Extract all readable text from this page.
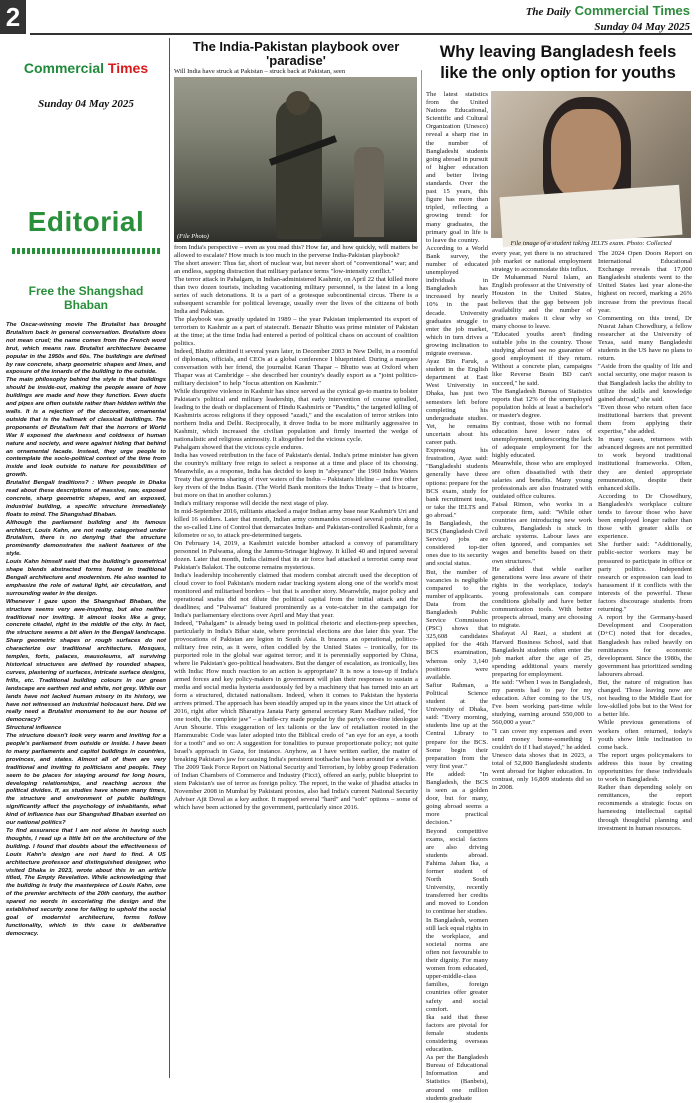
2	The Daily Commercial Times
Sunday 04 May 2025
Commercial Times
Sunday 04 May 2025
Editorial
Free the Shangshad Bhaban

The Oscar-winning movie The Brutalist has brought Brutalism back in general conversation. Brutalism does not mean cruel; the name comes from the French word brut, which means raw. Brutalist architecture became popular in the 1950s and 60s. The buildings are defined by raw concrete, sharp geometric shapes and lines, and exposure of the innards of the building to the outside.

The main philosophy behind the style is that buildings should be inside-out, making the people aware of how buildings are made and how they function. Even ducts and pipes are often outside rather than hidden within the walls. It is a rejection of the decorative, ornamental outside that is the hallmark of classical buildings. The proponents of Brutalism felt that the horrors of World War II exposed the darkness and coldness of human nature and society, and were against hiding that behind an ornamental facade. Instead, they urge people to contemplate the socio-political context of the time from inside and look outside to nature for possibilities of growth.

Brutalist Bengali traditions? : When people in Dhaka read about these descriptions of massive, raw, exposed concrete, sharp geometric shapes, and an exposed, industrial building, a specific structure immediately floats to mind. The Shangshad Bhaban.

Although the parliament building and its famous architect, Louis Kahn, are not really categorised under Brutalism, there is no denying that the structure prominently demonstrates the salient features of the style.

Louis Kahn himself said that the building's geometrical shape blends abstracted forms found in traditional Bengali architecture and modernism. He also wanted to emphasize the role of natural light, air circulation, and surrounding water in the design.

Whenever I gaze upon the Shangshad Bhaban, the structure seems very awe-inspiring, but also neither traditional nor inviting. It almost looks like a grey, concrete citadel, right in the middle of the city. In fact, the structure seems a bit alien in the Bengali landscape. Sharp geometric shapes or rough surfaces do not characterize our traditional architecture. Mosques, temples, forts, palaces, mausoleums, all surviving historical structures are defined by rounded shapes, curves, plastering of surfaces, intricate surface designs, frills, etc. Traditional building colours in our green landscape are earthen red and white, not grey. While our lands have not lacked human misery in its history, we have not witnessed an industrial holocaust here. Did we really need a Brutalist monument to be our house of democracy?

Structural influence

The structure doesn't look very warm and inviting for a people's parliament from outside or inside. I have been to many parliaments and capitol buildings in countries, provinces, and states. Almost all of them are very traditional and inviting to politicians and people. They seem to be places for staying around for long hours, developing relationships, and reaching across the political divides. If, as studies have shown many times, the structure and environment of public buildings significantly affect the psychology of inhabitants, what kind of influence has our Shangshad Bhaban exerted on our national politics?

To find assurance that I am not alone in having such thoughts, I read up a little bit on the architecture of the building. I found that doubts about the effectiveness of Louis Kahn's design are not hard to find. A US architecture professor and distinguished designer, who visited Dhaka in 2023, wrote about this in an article titled, The Empty Revelation. While acknowledging that the building is truly the masterpiece of Louis Kahn, one of the premier architects of the 20th century, the author spared no words in excoriating the design and the established security zone for failing to uphold the social goal of modernist architecture, forms follow functionality, which in this case is deliberative democracy.

The India-Pakistan playbook over 'paradise'
Will India have struck at Pakistan – struck back at Pakistan, seen
(File Photo)

from India's perspective – even as you read this? How far, and how quickly, will matters be allowed to escalate? How much is too much in the perverse India-Pakistan playbook?

The short answer: Thus far, short of nuclear war, but never short of "conventional" war; and an endless, sapping distraction that military parlance terms "low-intensity conflict."

The terror attack in Pahalgam, in Indian-administered Kashmir, on April 22 that killed more than two dozen tourists, including vacationing military personnel, is the latest in a long series of such detonations. It is a part of a grotesque subcontinental circus. There is a subsequent scramble for political leverage, usually over the lives of the citizens of both India and Pakistan.

The playbook was greatly updated in 1989 – the year Pakistan implemented its export of terrorism to Kashmir as a part of statecraft. Benazir Bhutto was prime minister of Pakistan at the time; at the time India had entered a period of political chaos on account of coalition politics.

Indeed, Bhutto admitted it several years later, in December 2003 in New Delhi, in a roomful of diplomats, officials, and CEOs at a global conference I blueprinted. During a marquee conversation with her friend, the journalist Karan Thapar – Bhutto was at Oxford when Thapar was at Cambridge – she described her country's deadly export as a "joint politico-military decision" to help "focus attention on Kashmir."

While disruptive violence in Kashmir has since served as the cynical go-to mantra to bolster Pakistan's political and military leadership, that early intervention of course spiralled, leading to the death or displacement of Hindu Kashmiris or "Pandits," the targeted killing of Kashmiris across religions if they opposed "azadi," and the escalation of terror strikes into northern India and Delhi. Reciprocally, it drove India to be more militarily aggressive in Kashmir, which increased the civilian population and firmly inserted the wedge of nationalistic and religious animosity. It altogether fed the vicious cycle.

Pahalgam showed that the vicious cycle endures.

India has vowed retribution in the face of Pakistan's denial. India's prime minister has given the country's military free reign to select a response at a time and place of its choosing. Meanwhile, as a response, India has decided to keep in "abeyance" the 1960 Indus Waters Treaty that governs sharing of river waters of the Indus – Pakistan's lifeline – and five other key rivers of the Indus Basin. (The World Bank monitors the Indus Treaty – that is bizarre, but more on that in another column.)

India's military response will decide the next stage of play.

In mid-September 2016, militants attacked a major Indian army base near Kashmir's Uri and killed 16 soldiers. Later that month, Indian army commandos crossed several points along the so-called Line of Control that demarcates Indian- and Pakistan-controlled Kashmir, for a kilometre or so, to attack pre-determined targets.

On February 14, 2019, a Kashmiri suicide bomber attacked a convoy of paramilitary personnel in Pulwama, along the Jammu-Srinagar highway. It killed 40 and injured several dozen. Later that month, India claimed that its air force had attacked a terrorist camp near Pakistan's Balakot. The outcome remains mysterious.

India's leadership incoherently claimed that modern combat aircraft used the deception of cloud cover to fool Pakistan's modern radar tracking system along one of the world's most monitored and militarised borders – but that is another story. Meanwhile, major policy and operational snafus did not dilute the political capital from the initial attack and the deadlines; and "Pulwama" featured prominently as a vote-catcher in the campaign for India's parliamentary elections over April and May that year.

Indeed, "Pahalgam" is already being used in political rhetoric and election-prep speeches, particularly in India's Bihar state, where provincial elections are due later this year. The provocations of Pakistan are legion in South Asia. It brazens an operational, politico-military free rein, as it were, often coddled by the United States – ironically, for its purported role in the global war against terror; and it is perennially supported by China, where lie Pakistan's geo-political headwaters. But the danger of escalation, as ironically, lies with India: How much reaction to an action is appropriate? It is now a toss-up if India's armed forces and key policy-makers in government will plan their responses to sustain a media and social media hysteria assiduously fed by a machinery that has turned into an art form a structured, dictated nationalism. Indeed, when it comes to Pakistan the hysteria arrives primed. The approach has been steadily amped up in the years since the Uri attack of 2016, right after which Bharatiya Janata Party general secretary Ram Madhav railed, "for one tooth, the complete jaw" – a battle-cry made popular by the party's one-time ideologue Arun Shourie. This exaggeration of lex talionis or the law of retaliation rooted in the Hammurabic Code was later adopted into the Biblical credo of "an eye for an eye, a tooth for a tooth" and so on: A suggestion for tonalities to pursue proportionate policy; not quite Israel's approach in Gaza, for instance. Anyhow, as I have written earlier, the matter of breaking Pakistan's jaw for causing India's persistent toothache has been around for a while.

The 2009 Task Force Report on National Security and Terrorism, by lobby group Federation of Indian Chambers of Commerce and Industry (Ficci), offered an early, public blueprint to stem Pakistan's use of terror as foreign policy. The report, in the wake of jihadist attacks in November 2008 in Mumbai by Pakistani proxies, also had India's current National Security Adviser Ajit Doval as a key author. It mapped several "hard" and "soft" options – some of which have been actioned by the government, particularly since 2016.

Why leaving Bangladesh feels like the only option for youths

The latest statistics from the United Nations Educational, Scientific and Cultural Organization (Unesco) reveal a sharp rise in the number of Bangladeshi students going abroad in pursuit of higher education and better living standards. Over the past 15 years, this figure has more than tripled, reflecting a growing trend: for many graduates, the primary goal in life is to leave the country.

According to a World Bank survey, the number of educated unemployed individuals in Bangladesh has increased by nearly 10% in the past decade. University graduates struggle to enter the job market, which in turn drives a growing inclination to migrate overseas.

Ayaz Bin Faruk, a student in the English department at East West University in Dhaka, has just two semesters left before completing his undergraduate studies. Yet, he remains uncertain about his career path.

Expressing his frustration, Ayaz said: "Bangladeshi students generally have three options: prepare for the BCS exam, study for bank recruitment tests, or take the IELTS and go abroad."

In Bangladesh, the BCS (Bangladesh Civil Service) jobs are considered top-tier ones due to its security and social status.

But, the number of vacancies is negligible compared to the number of applicants.

Data from the Bangladesh Public Service Commission (PSC) shows that 325,608 candidates applied for the 46th BCS examination, whereas only 3,140 positions were available.

Safiur Rahman, a Political Science student at the University of Dhaka, said: "Every morning, students line up at the Central Library to prepare for the BCS. Some begin their preparation from the very first year."

He added: "In Bangladesh, the BCS is seen as a golden door, but for many, going abroad seems a more practical decision."

Beyond competitive exams, social factors are also driving students abroad. Fahima Jahan Ika, a former student of North South University, recently transferred her credits and moved to London to continue her studies.

In Bangladesh, women still lack equal rights in the workplace, and societal norms are often not favourable to their dignity. For many women from educated, upper-middle-class families, foreign countries offer greater safety and social comfort.

Ika said that these factors are pivotal for female students considering overseas education.

As per the Bangladesh Bureau of Educational Information and Statistics (Banbeis), around one million students graduate

File image of a student taking IELTS exam. Photo: Collected

every year, yet there is no structured job market or national employment strategy to accommodate this influx.

Dr Muhammad Nurul Islam, an English professor at the University of Houston in the United States, believes that the gap between job availability and the number of graduates makes it clear why so many choose to leave.

"Educated youths aren't finding suitable jobs in the country. Those studying abroad see no guarantee of good employment if they return. Without a concrete plan, campaigns like Reverse Brain BD can't succeed," he said.

The Bangladesh Bureau of Statistics reports that 12% of the unemployed population holds at least a bachelor's or master's degree.

By contrast, those with no formal education have lower rates of unemployment, underscoring the lack of adequate employment for the highly educated.

Meanwhile, those who are employed are often dissatisfied with their salaries and benefits. Many young professionals are also frustrated with outdated office cultures.

Faisal Rimon, who works in a corporate firm, said: "While other countries are introducing new work cultures, Bangladesh is stuck in archaic systems. Labour laws are often ignored, and companies set wages and benefits based on their own structures."

He added that while earlier generations were less aware of their rights in the workplace, today's young professionals can compare conditions globally and have better communication tools. With better prospects abroad, many are choosing to migrate.

Shafayat Al Razi, a student at Harvard Business School, said that Bangladeshi students often enter the job market after the age of 25, spending additional years merely preparing for employment.

He said: "When I was in Bangladesh, my parents had to pay for my education. After coming to the US, I've been working part-time while studying, earning around 550,000 to 560,000 a year."

"I can cover my expenses and even send money home-something I couldn't do if I had stayed," he added.

Unesco data shows that in 2023, a total of 52,800 Bangladeshi students went abroad for higher education. In contrast, only 16,809 students did so in 2008.

The 2024 Open Doors Report on International Educational Exchange reveals that 17,000 Bangladeshi students went to the United States last year alone-the highest on record, marking a 26% increase from the previous fiscal year.

Commenting on this trend, Dr Nusrat Jahan Chowdhury, a fellow researcher at the University of Texas, said many Bangladeshi students in the US have no plans to return.

"Aside from the quality of life and social security, one major reason is that Bangladesh lacks the ability to utilize the skills and knowledge gained abroad," she said.

"Even those who return often face institutional barriers that prevent them from applying their expertise," she added.

In many cases, returnees with advanced degrees are not permitted to work beyond traditional institutional frameworks. Often, they are denied appropriate remuneration, despite their enhanced skills.

According to Dr Chowdhury, Bangladesh's workplace culture tends to favour those who have been employed longer rather than those with greater skills or experience.

She further said: "Additionally, public-sector workers may be pressured to participate in office or party politics. Independent research or expression can lead to harassment if it conflicts with the interests of the powerful. These factors discourage students from returning."

A report by the Germany-based Development and Cooperation (D+C) noted that for decades, Bangladesh has relied heavily on remittances for economic development. Since the 1980s, the government has prioritized sending labourers abroad.

But, the nature of migration has changed. Those leaving now are not heading to the Middle East for low-skilled jobs but to the West for a better life.

While previous generations of workers often returned, today's youth show little inclination to come back.

The report urges policymakers to address this issue by creating opportunities for these individuals to work in Bangladesh.

Rather than depending solely on remittances, the report recommends a strategic focus on harnessing intellectual capital through thoughtful planning and investment in human resources.
